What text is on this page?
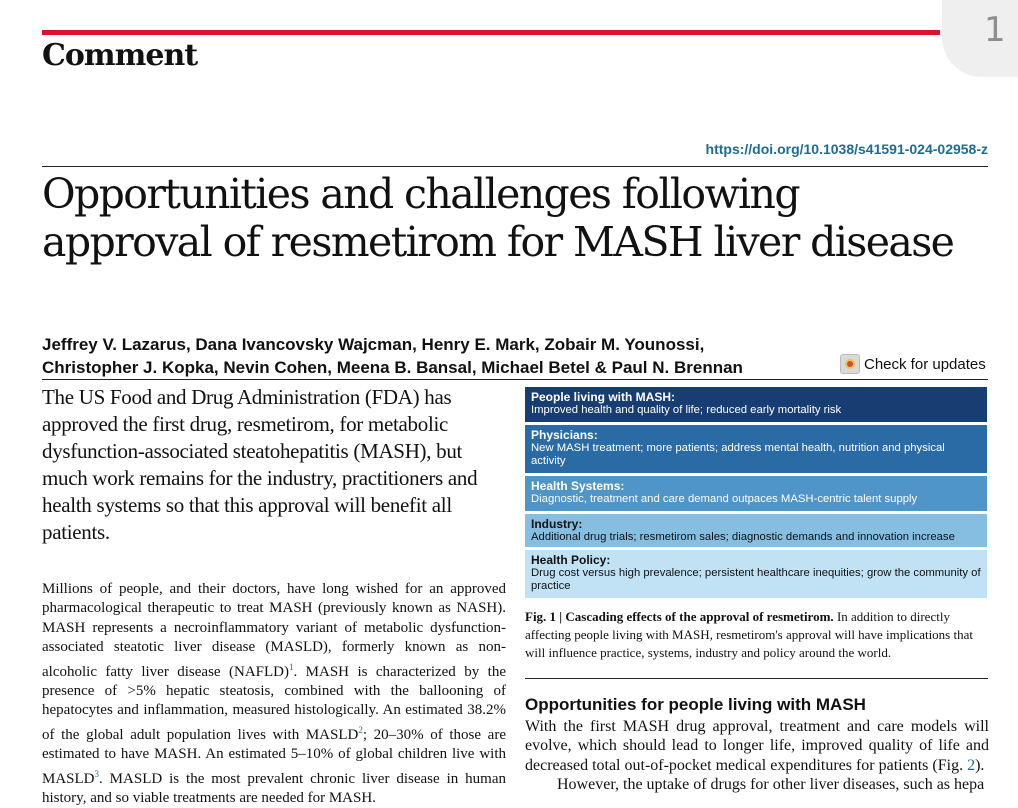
Comment
1
https://doi.org/10.1038/s41591-024-02958-z
Opportunities and challenges following
approval of resmetirom for MASH liver disease
Jeffrey V. Lazarus, Dana Ivancovsky Wajcman, Henry E. Mark, Zobair M. Younossi,
Christopher J. Kopka, Nevin Cohen, Meena B. Bansal, Michael Betel & Paul N. Brennan	Check for updates
The US Food and Drug Administration (FDA) has approved the first drug, resmetirom, for metabolic dysfunction-associated steatohepatitis (MASH), but much work remains for the industry, practitioners and health systems so that this approval will benefit all patients.
Millions of people, and their doctors, have long wished for an approved pharmacological therapeutic to treat MASH (previously known as NASH). MASH represents a necroinflammatory variant of metabolic dysfunction-associated steatotic liver disease (MASLD), formerly known as non-alcoholic fatty liver disease (NAFLD)$^1$. MASH is characterized by the presence of >5% hepatic steatosis, combined with the ballooning of hepatocytes and inflammation, measured histologically. An estimated 38.2% of the global adult population lives with MASLD$^2$; 20–30% of those are estimated to have MASH. An estimated 5–10% of global children live with MASLD$^3$. MASLD is the most prevalent chronic liver disease in human history, and so viable treatments are needed for MASH.
People living with MASH:
Improved health and quality of life; reduced early mortality risk
Physicians:
New MASH treatment; more patients; address mental health, nutrition and physical activity
Health Systems:
Diagnostic, treatment and care demand outpaces MASH-centric talent supply
Industry:
Additional drug trials; resmetirom sales; diagnostic demands and innovation increase
Health Policy:
Drug cost versus high prevalence; persistent healthcare inequities; grow the community of practice
Fig. 1 | Cascading effects of the approval of resmetirom. In addition to directly affecting people living with MASH, resmetirom's approval will have implications that will influence practice, systems, industry and policy around the world.
Opportunities for people living with MASH
With the first MASH drug approval, treatment and care models will evolve, which should lead to longer life, improved quality of life and decreased total out-of-pocket medical expenditures for patients (Fig. 2).
However, the uptake of drugs for other liver diseases, such as hepa
